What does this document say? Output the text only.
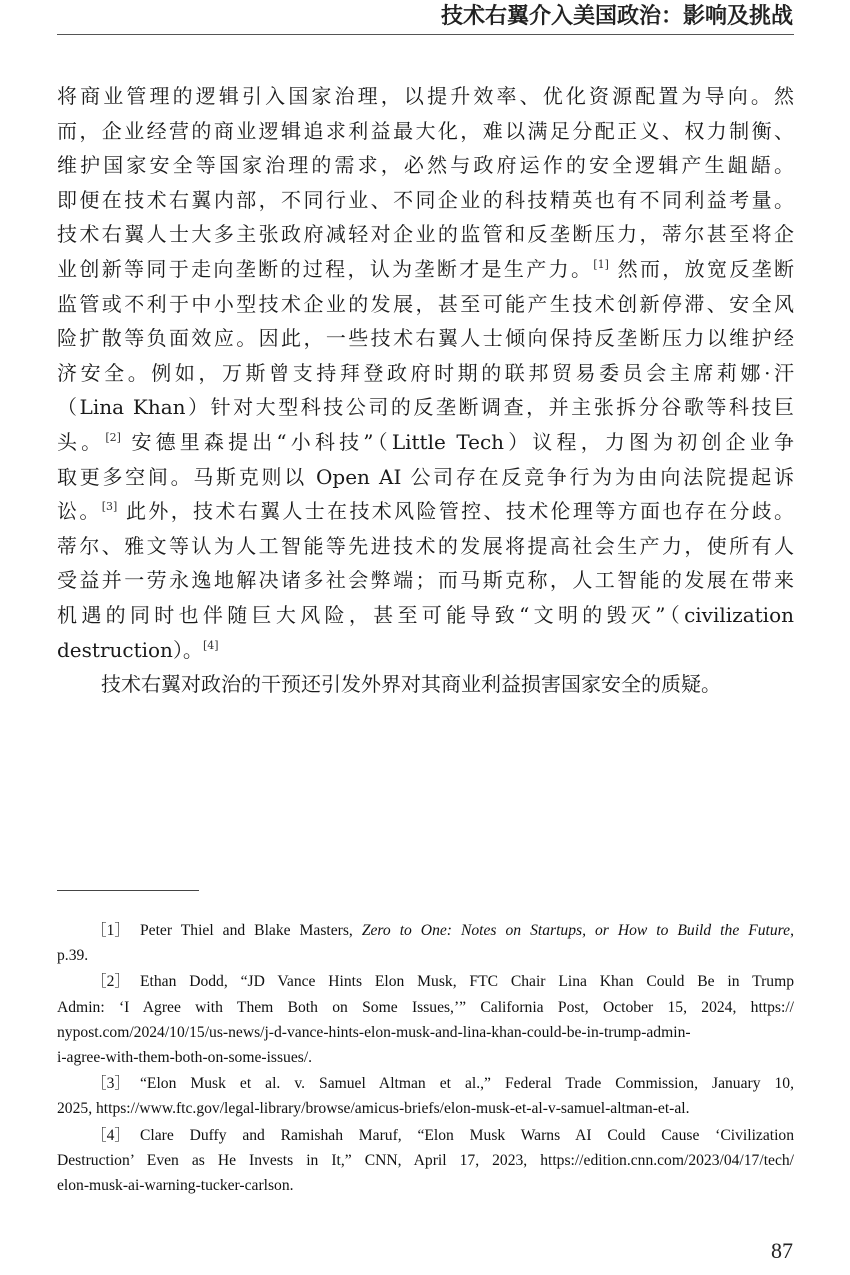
技术右翼介入美国政治：影响及挑战
将商业管理的逻辑引入国家治理，以提升效率、优化资源配置为导向。然
而，企业经营的商业逻辑追求利益最大化，难以满足分配正义、权力制衡、
维护国家安全等国家治理的需求，必然与政府运作的安全逻辑产生龃龉。
即便在技术右翼内部，不同行业、不同企业的科技精英也有不同利益考量。
技术右翼人士大多主张政府减轻对企业的监管和反垄断压力，蒂尔甚至将企
业创新等同于走向垄断的过程，认为垄断才是生产力。[1] 然而，放宽反垄断
监管或不利于中小型技术企业的发展，甚至可能产生技术创新停滞、安全风
险扩散等负面效应。因此，一些技术右翼人士倾向保持反垄断压力以维护经
济安全。例如，万斯曾支持拜登政府时期的联邦贸易委员会主席莉娜·汗
（Lina Khan）针对大型科技公司的反垄断调查，并主张拆分谷歌等科技巨
头。[2] 安德里森提出“小科技”（Little Tech）议程，力图为初创企业争
取更多空间。马斯克则以 Open AI 公司存在反竞争行为为由向法院提起诉
讼。[3] 此外，技术右翼人士在技术风险管控、技术伦理等方面也存在分歧。
蒂尔、雅文等认为人工智能等先进技术的发展将提高社会生产力，使所有人
受益并一劳永逸地解决诸多社会弊端；而马斯克称，人工智能的发展在带来
机遇的同时也伴随巨大风险，甚至可能导致“文明的毁灭”（civilization
destruction）。[4]
技术右翼对政治的干预还引发外界对其商业利益损害国家安全的质疑。
［1］ Peter Thiel and Blake Masters, Zero to One: Notes on Startups, or How to Build the Future,
p.39.
［2］ Ethan Dodd, “JD Vance Hints Elon Musk, FTC Chair Lina Khan Could Be in Trump
Admin: ‘I Agree with Them Both on Some Issues,’” California Post, October 15, 2024, https://
nypost.com/2024/10/15/us-news/j-d-vance-hints-elon-musk-and-lina-khan-could-be-in-trump-admin-
i-agree-with-them-both-on-some-issues/.
［3］ “Elon Musk et al. v. Samuel Altman et al.,” Federal Trade Commission, January 10,
2025, https://www.ftc.gov/legal-library/browse/amicus-briefs/elon-musk-et-al-v-samuel-altman-et-al.
［4］ Clare Duffy and Ramishah Maruf, “Elon Musk Warns AI Could Cause ‘Civilization
Destruction’ Even as He Invests in It,” CNN, April 17, 2023, https://edition.cnn.com/2023/04/17/tech/
elon-musk-ai-warning-tucker-carlson.
87
